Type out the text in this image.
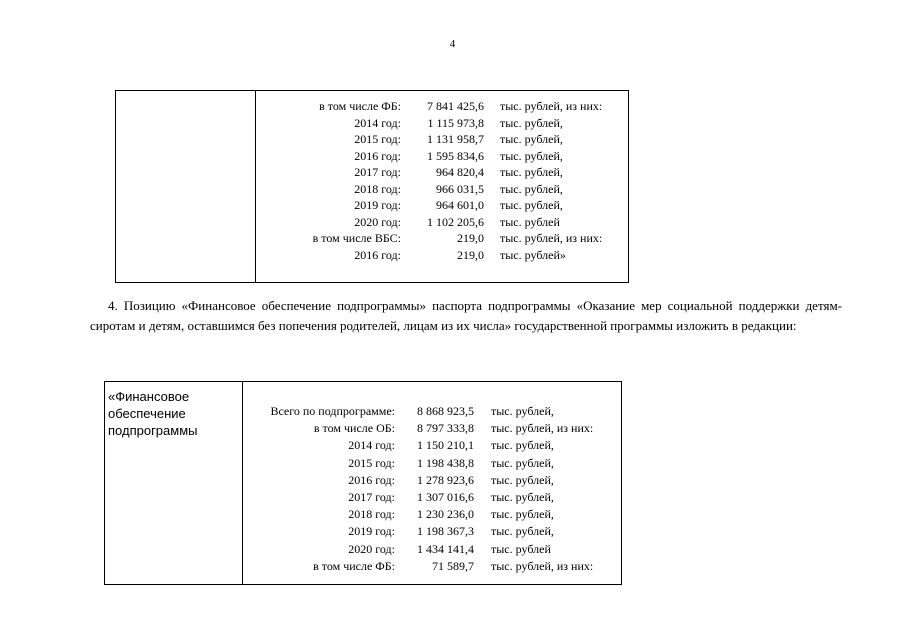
4
в том числе ФБ:	7 841 425,6 тыс. рублей, из них:
2014 год:	1 115 973,8 тыс. рублей,
2015 год:	1 131 958,7 тыс. рублей,
2016 год:	1 595 834,6 тыс. рублей,
2017 год:	964 820,4 тыс. рублей,
2018 год:	966 031,5 тыс. рублей,
2019 год:	964 601,0 тыс. рублей,
2020 год:	1 102 205,6 тыс. рублей
в том числе ВБС:	219,0 тыс. рублей, из них:
2016 год:	219,0 тыс. рублей»
4. Позицию «Финансовое обеспечение подпрограммы» паспорта подпрограммы «Оказание мер социальной поддержки детям-сиротам и детям, оставшимся без попечения родителей, лицам из их числа» государственной программы изложить в редакции:
«Финансовое
обеспечение
подпрограммы
Всего по подпрограмме:	8 868 923,5 тыс. рублей,
в том числе ОБ:	8 797 333,8 тыс. рублей, из них:
2014 год:	1 150 210,1 тыс. рублей,
2015 год:	1 198 438,8 тыс. рублей,
2016 год:	1 278 923,6 тыс. рублей,
2017 год:	1 307 016,6 тыс. рублей,
2018 год:	1 230 236,0 тыс. рублей,
2019 год:	1 198 367,3 тыс. рублей,
2020 год:	1 434 141,4 тыс. рублей
в том числе ФБ:	71 589,7 тыс. рублей, из них:
